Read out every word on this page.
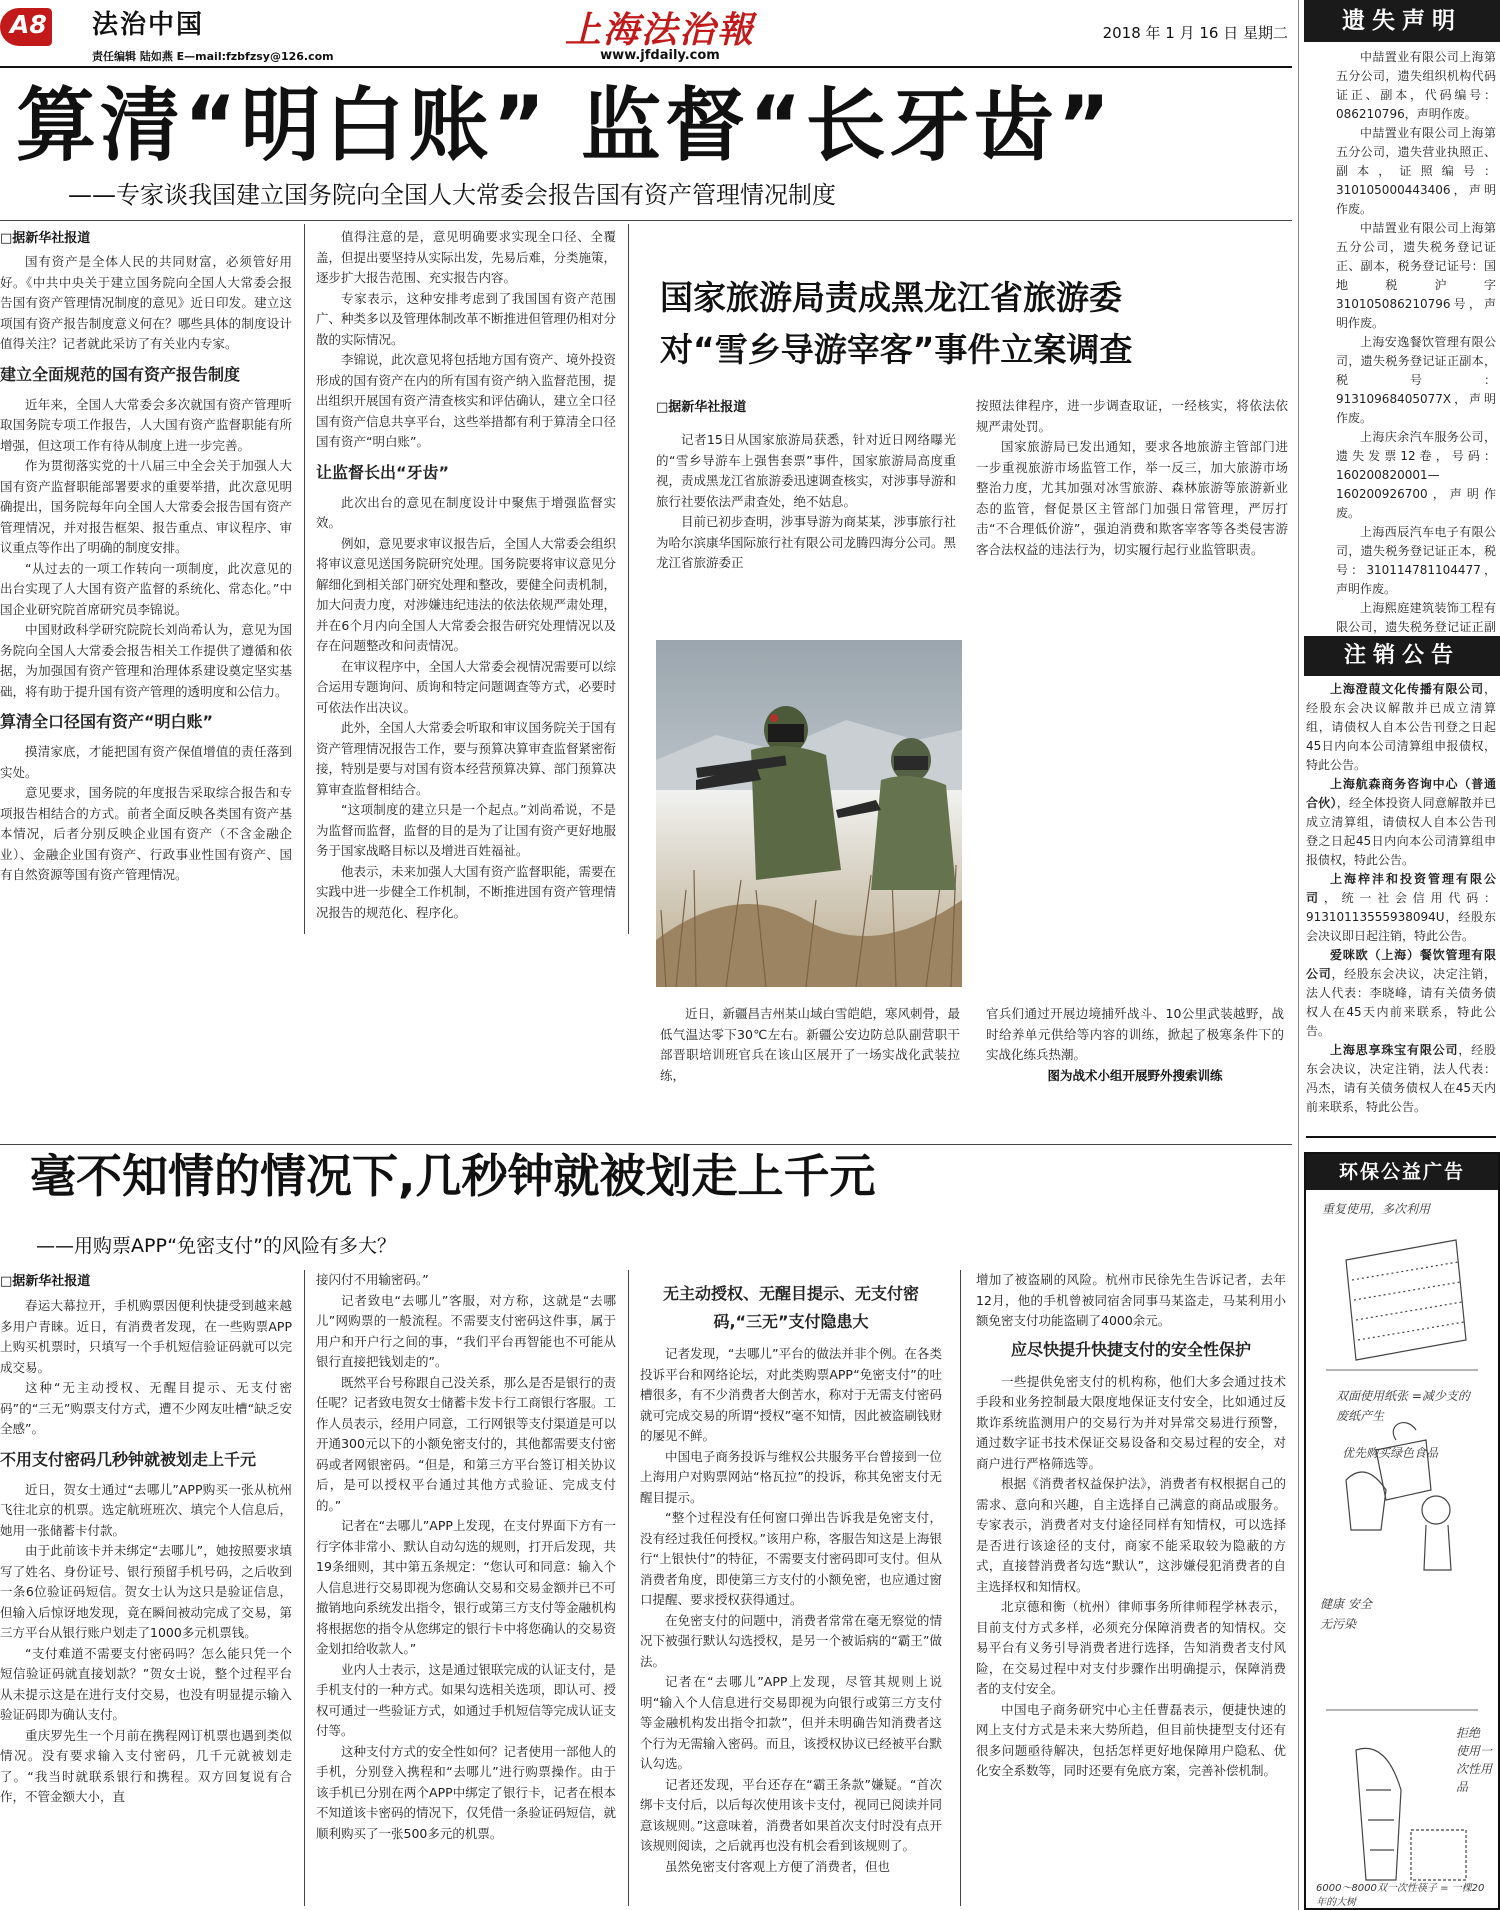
A8 法治中国
责任编辑 陆如燕 E—mail:fzbfzsy@126.com
上海法治報
www.jfdaily.com
2018 年 1 月 16 日 星期二
算清“明白账” 监督“长牙齿”
——专家谈我国建立国务院向全国人大常委会报告国有资产管理情况制度
□据新华社报道

国有资产是全体人民的共同财富，必须管好用好。《中共中央关于建立国务院向全国人大常委会报告国有资产管理情况制度的意见》近日印发。建立这项国有资产报告制度意义何在？哪些具体的制度设计值得关注？记者就此采访了有关业内专家。

建立全面规范的国有资产报告制度

近年来，全国人大常委会多次就国有资产管理听取国务院专项工作报告，人大国有资产监督职能有所增强，但这项工作有待从制度上进一步完善。

作为贯彻落实党的十八届三中全会关于加强人大国有资产监督职能部署要求的重要举措，此次意见明确提出，国务院每年向全国人大常委会报告国有资产管理情况，并对报告框架、报告重点、审议程序、审议重点等作出了明确的制度安排。

“从过去的一项工作转向一项制度，此次意见的出台实现了人大国有资产监督的系统化、常态化。”中国企业研究院首席研究员李锦说。

中国财政科学研究院院长刘尚希认为，意见为国务院向全国人大常委会报告相关工作提供了遵循和依据，为加强国有资产管理和治理体系建设奠定坚实基础，将有助于提升国有资产管理的透明度和公信力。

算清全口径国有资产“明白账”

摸清家底，才能把国有资产保值增值的责任落到实处。

意见要求，国务院的年度报告采取综合报告和专项报告相结合的方式。前者全面反映各类国有资产基本情况，后者分别反映企业国有资产（不含金融企业）、金融企业国有资产、行政事业性国有资产、国有自然资源等国有资产管理情况。

值得注意的是，意见明确要求实现全口径、全覆盖，但提出要坚持从实际出发，先易后难，分类施策，逐步扩大报告范围、充实报告内容。

专家表示，这种安排考虑到了我国国有资产范围广、种类多以及管理体制改革不断推进但管理仍相对分散的实际情况。

李锦说，此次意见将包括地方国有资产、境外投资形成的国有资产在内的所有国有资产纳入监督范围，提出组织开展国有资产清查核实和评估确认，建立全口径国有资产信息共享平台，这些举措都有利于算清全口径国有资产“明白账”。

让监督长出“牙齿”

此次出台的意见在制度设计中聚焦于增强监督实效。

例如，意见要求审议报告后，全国人大常委会组织将审议意见送国务院研究处理。国务院要将审议意见分解细化到相关部门研究处理和整改，要健全问责机制，加大问责力度，对涉嫌违纪违法的依法依规严肃处理，并在6个月内向全国人大常委会报告研究处理情况以及存在问题整改和问责情况。

在审议程序中，全国人大常委会视情况需要可以综合运用专题询问、质询和特定问题调查等方式，必要时可依法作出决议。

此外，全国人大常委会听取和审议国务院关于国有资产管理情况报告工作，要与预算决算审查监督紧密衔接，特别是要与对国有资本经营预算决算、部门预算决算审查监督相结合。

“这项制度的建立只是一个起点。”刘尚希说，不是为监督而监督，监督的目的是为了让国有资产更好地服务于国家战略目标以及增进百姓福祉。

他表示，未来加强人大国有资产监督职能，需要在实践中进一步健全工作机制，不断推进国有资产管理情况报告的规范化、程序化。

国家旅游局责成黑龙江省旅游委
对“雪乡导游宰客”事件立案调查
□据新华社报道

记者15日从国家旅游局获悉，针对近日网络曝光的“雪乡导游车上强售套票”事件，国家旅游局高度重视，责成黑龙江省旅游委迅速调查核实，对涉事导游和旅行社要依法严肃查处，绝不姑息。

目前已初步查明，涉事导游为商某某，涉事旅行社为哈尔滨康华国际旅行社有限公司龙腾四海分公司。黑龙江省旅游委正

按照法律程序，进一步调查取证，一经核实，将依法依规严肃处罚。

国家旅游局已发出通知，要求各地旅游主管部门进一步重视旅游市场监管工作，举一反三，加大旅游市场整治力度，尤其加强对冰雪旅游、森林旅游等旅游新业态的监管，督促景区主管部门加强日常管理，严厉打击“不合理低价游”，强迫消费和欺客宰客等各类侵害游客合法权益的违法行为，切实履行起行业监管职责。

近日，新疆昌吉州某山域白雪皑皑，寒风刺骨，最低气温达零下30℃左右。新疆公安边防总队副营职干部晋职培训班官兵在该山区展开了一场实战化武装拉练，
官兵们通过开展边境捕歼战斗、10公里武装越野，战时给养单元供给等内容的训练，掀起了极寒条件下的实战化练兵热潮。
图为战术小组开展野外搜索训练
毫不知情的情况下,几秒钟就被划走上千元
——用购票APP“免密支付”的风险有多大？
□据新华社报道

春运大幕拉开，手机购票因便利快捷受到越来越多用户青睐。近日，有消费者发现，在一些购票APP上购买机票时，只填写一个手机短信验证码就可以完成交易。

这种“无主动授权、无醒目提示、无支付密码”的“三无”购票支付方式，遭不少网友吐槽“缺乏安全感”。

不用支付密码几秒钟就被划走上千元

近日，贺女士通过“去哪儿”APP购买一张从杭州飞往北京的机票。选定航班班次、填完个人信息后，她用一张储蓄卡付款。

由于此前该卡并未绑定“去哪儿”，她按照要求填写了姓名、身份证号、银行预留手机号码，之后收到一条6位验证码短信。贺女士认为这只是验证信息，但输入后惊讶地发现，竟在瞬间被动完成了交易，第三方平台从银行账户划走了1000多元机票钱。

“支付难道不需要支付密码吗？怎么能只凭一个短信验证码就直接划款？”贺女士说，整个过程平台从未提示这是在进行支付交易，也没有明显提示输入验证码即为确认支付。

重庆罗先生一个月前在携程网订机票也遇到类似情况。没有要求输入支付密码，几千元就被划走了。“我当时就联系银行和携程。双方回复说有合作，不管金额大小，直

接闪付不用输密码。”

记者致电“去哪儿”客服，对方称，这就是“去哪儿”网购票的一般流程。不需要支付密码这件事，属于用户和开户行之间的事，“我们平台再智能也不可能从银行直接把钱划走的”。

既然平台号称跟自己没关系，那么是否是银行的责任呢？记者致电贺女士储蓄卡发卡行工商银行客服。工作人员表示，经用户同意，工行网银等支付渠道是可以开通300元以下的小额免密支付的，其他都需要支付密码或者网银密码。“但是，和第三方平台签订相关协议后，是可以授权平台通过其他方式验证、完成支付的。”

记者在“去哪儿”APP上发现，在支付界面下方有一行字体非常小、默认自动勾选的规则，打开后发现，共19条细则，其中第五条规定：“您认可和同意：输入个人信息进行交易即视为您确认交易和交易金额并已不可撤销地向系统发出指令，银行或第三方支付等金融机构将根据您的指令从您绑定的银行卡中将您确认的交易资金划扣给收款人。”

业内人士表示，这是通过银联完成的认证支付，是手机支付的一种方式。如果勾选相关选项，即认可、授权可通过一些验证方式，如通过手机短信等完成认证支付等。

这种支付方式的安全性如何？记者使用一部他人的手机，分别登入携程和“去哪儿”进行购票操作。由于该手机已分别在两个APP中绑定了银行卡，记者在根本不知道该卡密码的情况下，仅凭借一条验证码短信，就顺利购买了一张500多元的机票。

无主动授权、无醒目提示、无支付密码,“三无”支付隐患大

记者发现，“去哪儿”平台的做法并非个例。在各类投诉平台和网络论坛，对此类购票APP“免密支付”的吐槽很多，有不少消费者大倒苦水，称对于无需支付密码就可完成交易的所谓“授权”毫不知情，因此被盗刷钱财的屡见不鲜。

中国电子商务投诉与维权公共服务平台曾接到一位上海用户对购票网站“格瓦拉”的投诉，称其免密支付无醒目提示。

“整个过程没有任何窗口弹出告诉我是免密支付，没有经过我任何授权。”该用户称，客服告知这是上海银行“上银快付”的特征，不需要支付密码即可支付。但从消费者角度，即使第三方支付的小额免密，也应通过窗口提醒、要求授权获得通过。

在免密支付的问题中，消费者常常在毫无察觉的情况下被强行默认勾选授权，是另一个被诟病的“霸王”做法。

记者在“去哪儿”APP上发现，尽管其规则上说明“输入个人信息进行交易即视为向银行或第三方支付等金融机构发出指令扣款”，但并未明确告知消费者这个行为无需输入密码。而且，该授权协议已经被平台默认勾选。

记者还发现，平台还存在“霸王条款”嫌疑。“首次绑卡支付后，以后每次使用该卡支付，视同已阅读并同意该规则。”这意味着，消费者如果首次支付时没有点开该规则阅读，之后就再也没有机会看到该规则了。

虽然免密支付客观上方便了消费者，但也

增加了被盗刷的风险。杭州市民徐先生告诉记者，去年12月，他的手机曾被同宿舍同事马某盗走，马某利用小额免密支付功能盗刷了4000余元。

应尽快提升快捷支付的安全性保护

一些提供免密支付的机构称，他们大多会通过技术手段和业务控制最大限度地保证支付安全，比如通过反欺诈系统监测用户的交易行为并对异常交易进行预警，通过数字证书技术保证交易设备和交易过程的安全，对商户进行严格筛选等。

根据《消费者权益保护法》，消费者有权根据自己的需求、意向和兴趣，自主选择自己满意的商品或服务。专家表示，消费者对支付途径同样有知情权，可以选择是否进行该途径的支付，商家不能采取较为隐蔽的方式，直接替消费者勾选“默认”，这涉嫌侵犯消费者的自主选择权和知情权。

北京德和衡（杭州）律师事务所律师程学林表示，目前支付方式多样，必须充分保障消费者的知情权。交易平台有义务引导消费者进行选择，告知消费者支付风险，在交易过程中对支付步骤作出明确提示，保障消费者的支付安全。

中国电子商务研究中心主任曹磊表示，便捷快速的网上支付方式是未来大势所趋，但目前快捷型支付还有很多问题亟待解决，包括怎样更好地保障用户隐私、优化安全系数等，同时还要有免底方案，完善补偿机制。

遗失声明

中喆置业有限公司上海第五分公司，遗失组织机构代码证正、副本，代码编号：086210796，声明作废。

中喆置业有限公司上海第五分公司，遗失营业执照正、副本，证照编号：310105000443406，声明作废。

中喆置业有限公司上海第五分公司，遗失税务登记证正、副本，税务登记证号：国地税沪字310105086210796号，声明作废。

上海安逸餐饮管理有限公司，遗失税务登记证正副本，税号：91310968405077X，声明作废。

上海庆余汽车服务公司，遗失发票12卷，号码：160200820001—160200926700，声明作废。

上海西辰汽车电子有限公司，遗失税务登记证正本，税号：310114781104477，声明作废。

上海熙庭建筑装饰工程有限公司，遗失税务登记证正副

注销公告

上海澄葭文化传播有限公司，经股东会决议解散并已成立清算组，请债权人自本公告刊登之日起45日内向本公司清算组申报债权，特此公告。

上海航森商务咨询中心（普通合伙），经全体投资人同意解散并已成立清算组，请债权人自本公告刊登之日起45日内向本公司清算组申报债权，特此公告。

上海梓沣和投资管理有限公司，统一社会信用代码：91310113555938094U，经股东会决议即日起注销，特此公告。

爱咪欧（上海）餐饮管理有限公司，经股东会决议，决定注销，法人代表：李晓峰，请有关债务债权人在45天内前来联系，特此公告。

上海思享珠宝有限公司，经股东会决议，决定注销，法人代表：冯杰，请有关债务债权人在45天内前来联系，特此公告。

环保公益广告
重复使用，多次利用
双面使用纸张 =减少支的废纸产生
优先购买绿色食品
健康 安全 无污染
拒绝 使用一次性用品
6000～8000双一次性筷子 = 一棵20年的大树
